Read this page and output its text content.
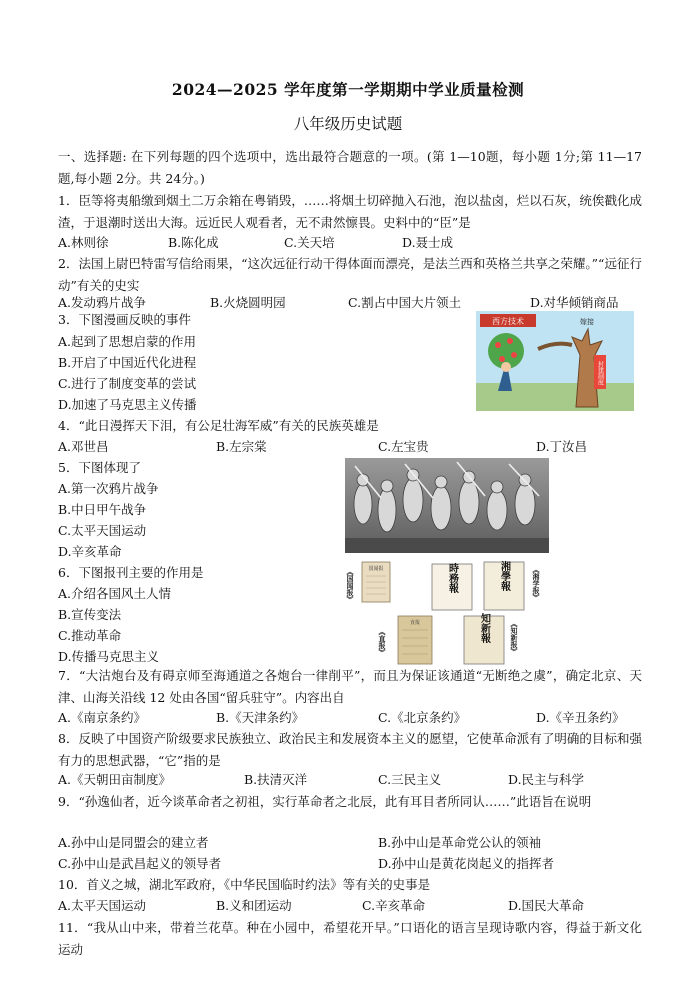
2024—2025 学年度第一学期期中学业质量检测
八年级历史试题
一、选择题: 在下列每题的四个选项中，选出最符合题意的一项。(第 1—10题，每小题 1分;第 11—17题,每小题 2分。共 24分。)
1．臣等将夷船缴到烟土二万余箱在粤销毁，……将烟土切碎抛入石池，泡以盐卤，烂以石灰，统俟戳化成渣，于退潮时送出大海。远近民人观看者，无不肃然懔畏。史料中的“臣”是
A.林则徐	B.陈化成	C.关天培	D.聂士成
2．法国上尉巴特雷写信给雨果，“这次远征行动干得体面而漂亮，是法兰西和英格兰共享之荣耀。”“远征行动”有关的史实
A.发动鸦片战争	B.火烧圆明园	C.割占中国大片领土	D.对华倾销商品
3．下图漫画反映的事件
A.起到了思想启蒙的作用
B.开启了中国近代化进程
C.进行了制度变革的尝试
D.加速了马克思主义传播
西方技术	嫁接
封建制度
4．“此日漫挥天下泪，有公足壮海军威”有关的民族英雄是
A.邓世昌	B.左宗棠	C.左宝贵	D.丁汝昌
5．下图体现了
A.第一次鸦片战争
B.中日甲午战争
C.太平天国运动
D.辛亥革命
6．下图报刊主要的作用是
A.介绍各国风土人情
B.宣传变法
C.推动革命
D.传播马克思主义
《国闻报》	国闻报	時務報	湘學報	《湘学报》
《直报》
直报	知新報	《知新报》
7．“大沽炮台及有碍京师至海通道之各炮台一律削平”，而且为保证该通道“无断绝之虞”，确定北京、天津、山海关沿线 12 处由各国“留兵驻守”。内容出自
A.《南京条约》	B.《天津条约》	C.《北京条约》	D.《辛丑条约》
8．反映了中国资产阶级要求民族独立、政治民主和发展资本主义的愿望，它使革命派有了明确的目标和强有力的思想武器，“它”指的是
A.《天朝田亩制度》	B.扶清灭洋	C.三民主义	D.民主与科学
9．“孙逸仙者，近今谈革命者之初祖，实行革命者之北辰，此有耳目者所同认……”此语旨在说明
A.孙中山是同盟会的建立者	B.孙中山是革命党公认的领袖
C.孙中山是武昌起义的领导者	D.孙中山是黄花岗起义的指挥者
10．首义之城，湖北军政府，《中华民国临时约法》等有关的史事是
A.太平天国运动	B.义和团运动	C.辛亥革命	D.国民大革命
11．“我从山中来，带着兰花草。种在小园中，希望花开早。”口语化的语言呈现诗歌内容，得益于新文化运动
